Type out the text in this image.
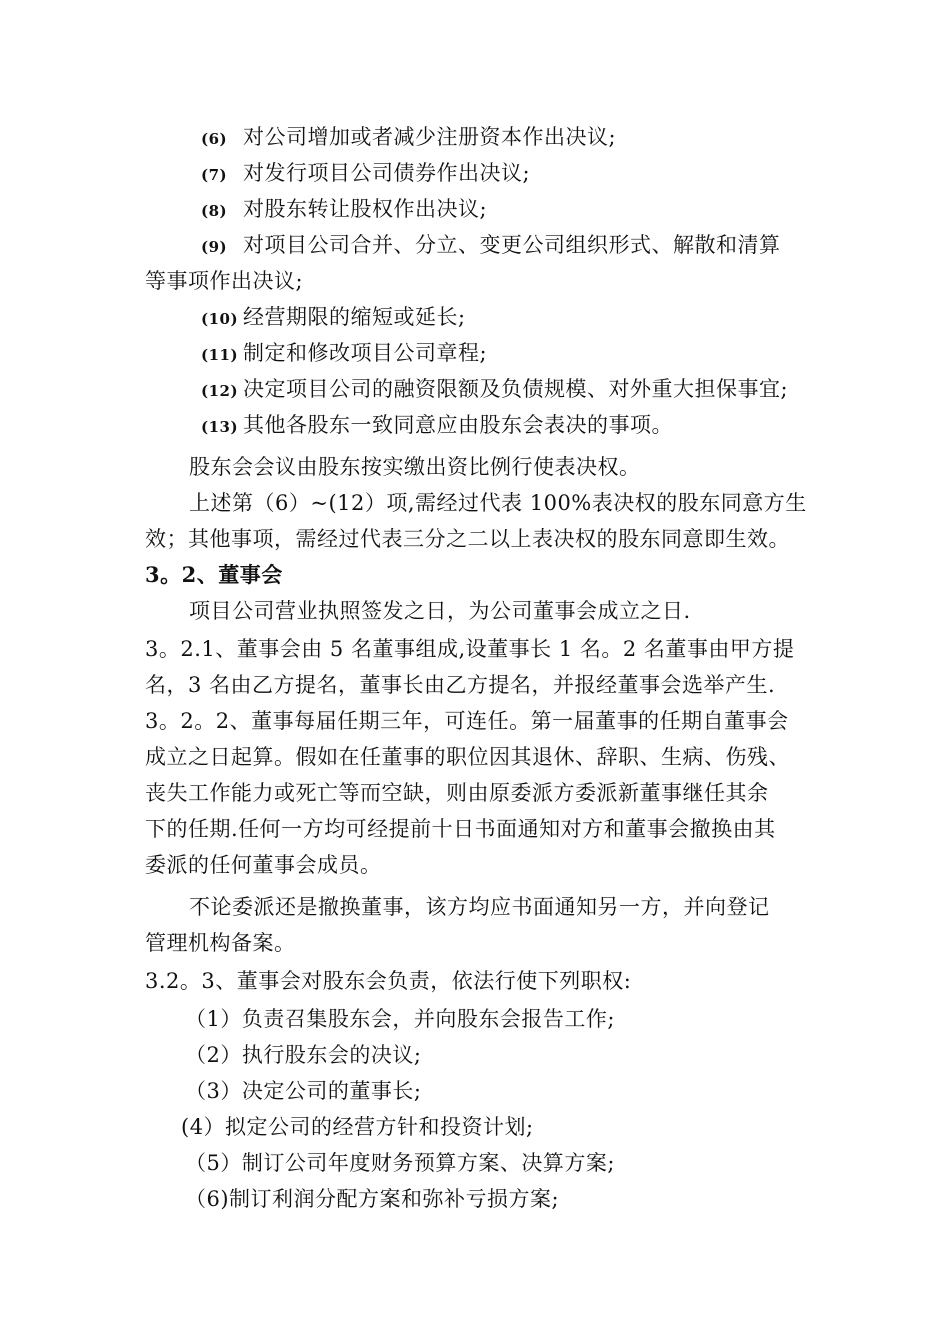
(6) 对公司增加或者减少注册资本作出决议;
(7) 对发行项目公司债券作出决议;
(8) 对股东转让股权作出决议;
(9) 对项目公司合并、分立、变更公司组织形式、解散和清算
等事项作出决议;
(10) 经营期限的缩短或延长;
(11) 制定和修改项目公司章程;
(12) 决定项目公司的融资限额及负债规模、对外重大担保事宜;
(13) 其他各股东一致同意应由股东会表决的事项。
股东会会议由股东按实缴出资比例行使表决权。
上述第（6）~(12）项,需经过代表 100%表决权的股东同意方生
效；其他事项，需经过代表三分之二以上表决权的股东同意即生效。
3。2、董事会
项目公司营业执照签发之日，为公司董事会成立之日.
3。2.1、董事会由 5 名董事组成,设董事长 1 名。2 名董事由甲方提
名，3 名由乙方提名，董事长由乙方提名，并报经董事会选举产生.
3。2。2、董事每届任期三年，可连任。第一届董事的任期自董事会
成立之日起算。假如在任董事的职位因其退休、辞职、生病、伤残、
丧失工作能力或死亡等而空缺，则由原委派方委派新董事继任其余
下的任期.任何一方均可经提前十日书面通知对方和董事会撤换由其
委派的任何董事会成员。
不论委派还是撤换董事，该方均应书面通知另一方，并向登记
管理机构备案。
3.2。3、董事会对股东会负责，依法行使下列职权:
（1）负责召集股东会，并向股东会报告工作;
（2）执行股东会的决议;
（3）决定公司的董事长;
(4）拟定公司的经营方针和投资计划;
（5）制订公司年度财务预算方案、决算方案;
（6)制订利润分配方案和弥补亏损方案;
